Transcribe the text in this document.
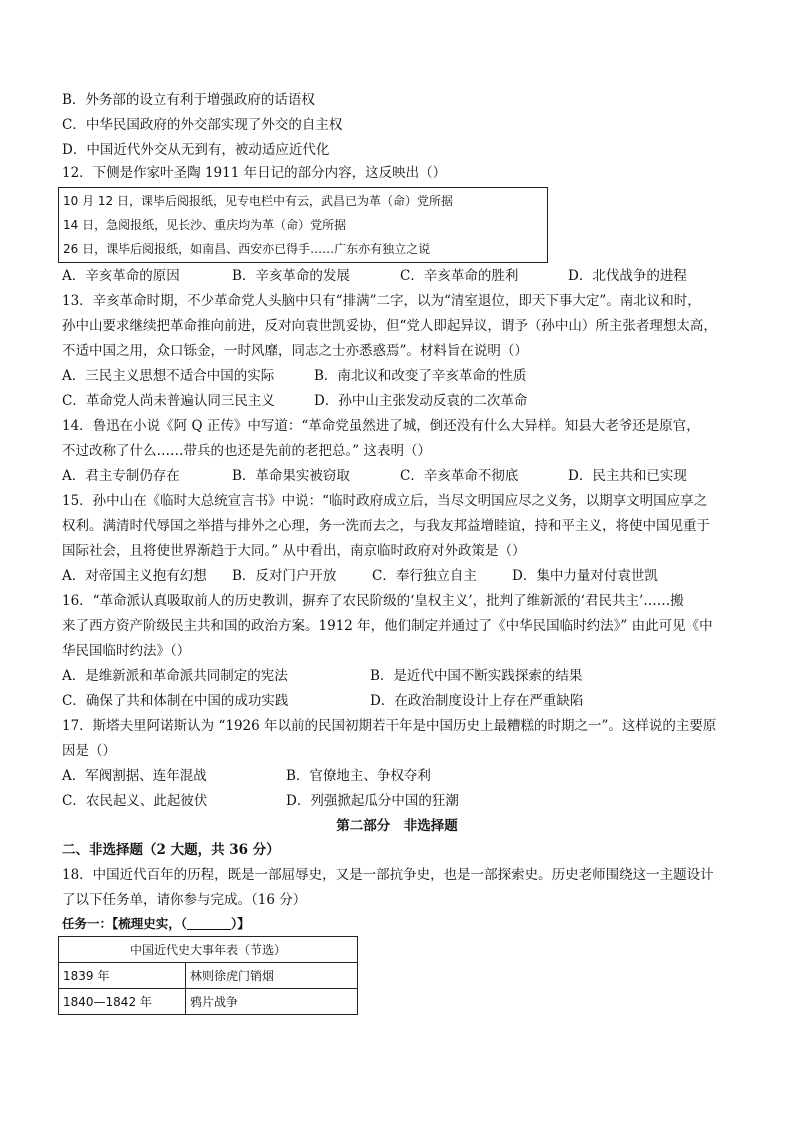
B．外务部的设立有利于增强政府的话语权
C．中华民国政府的外交部实现了外交的自主权
D．中国近代外交从无到有，被动适应近代化
12．下侧是作家叶圣陶 1911 年日记的部分内容，这反映出（）
10 月 12 日，课毕后阅报纸，见专电栏中有云，武昌已为革（命）党所据
14 日，急阅报纸，见长沙、重庆均为革（命）党所据
26 日，课毕后阅报纸，如南昌、西安亦已得手……广东亦有独立之说
A．辛亥革命的原因	B．辛亥革命的发展	C．辛亥革命的胜利	D．北伐战争的进程
13．辛亥革命时期，不少革命党人头脑中只有“排满”二字，以为“清室退位，即天下事大定”。南北议和时，
孙中山要求继续把革命推向前进，反对向袁世凯妥协，但“党人即起异议，谓予（孙中山）所主张者理想太高，
不适中国之用，众口铄金，一时风靡，同志之士亦悉惑焉”。材料旨在说明（）
A．三民主义思想不适合中国的实际	B．南北议和改变了辛亥革命的性质
C．革命党人尚未普遍认同三民主义	D．孙中山主张发动反袁的二次革命
14．鲁迅在小说《阿 Q 正传》中写道：“革命党虽然进了城，倒还没有什么大异样。知县大老爷还是原官，
不过改称了什么……带兵的也还是先前的老把总。” 这表明（）
A．君主专制仍存在	B．革命果实被窃取	C．辛亥革命不彻底	D．民主共和已实现
15．孙中山在《临时大总统宣言书》中说：“临时政府成立后，当尽文明国应尽之义务，以期享文明国应享之
权利。满清时代辱国之举措与排外之心理，务一洗而去之，与我友邦益增睦谊，持和平主义，将使中国见重于
国际社会，且将使世界渐趋于大同。” 从中看出，南京临时政府对外政策是（）
A．对帝国主义抱有幻想 B．反对门户开放	C．奉行独立自主	D．集中力量对付袁世凯
16．“革命派认真吸取前人的历史教训，摒弃了农民阶级的‘皇权主义’，批判了维新派的‘君民共主’……搬
来了西方资产阶级民主共和国的政治方案。1912 年，他们制定并通过了《中华民国临时约法》” 由此可见《中
华民国临时约法》（）
A．是维新派和革命派共同制定的宪法	B．是近代中国不断实践探索的结果
C．确保了共和体制在中国的成功实践	D．在政治制度设计上存在严重缺陷
17．斯塔夫里阿诺斯认为 “1926 年以前的民国初期若干年是中国历史上最糟糕的时期之一”。这样说的主要原
因是（）
A．军阀割据、连年混战	B．官僚地主、争权夺利
C．农民起义、此起彼伏	D．列强掀起瓜分中国的狂潮
第二部分　非选择题
二、非选择题（2 大题，共 36 分）
18．中国近代百年的历程，既是一部屈辱史，又是一部抗争史，也是一部探索史。历史老师围绕这一主题设计
了以下任务单，请你参与完成。（16 分）
任务一：【梳理史实，（	）】
中国近代史大事年表（节选）	
1839 年	林则徐虎门销烟
1840—1842 年	鸦片战争
